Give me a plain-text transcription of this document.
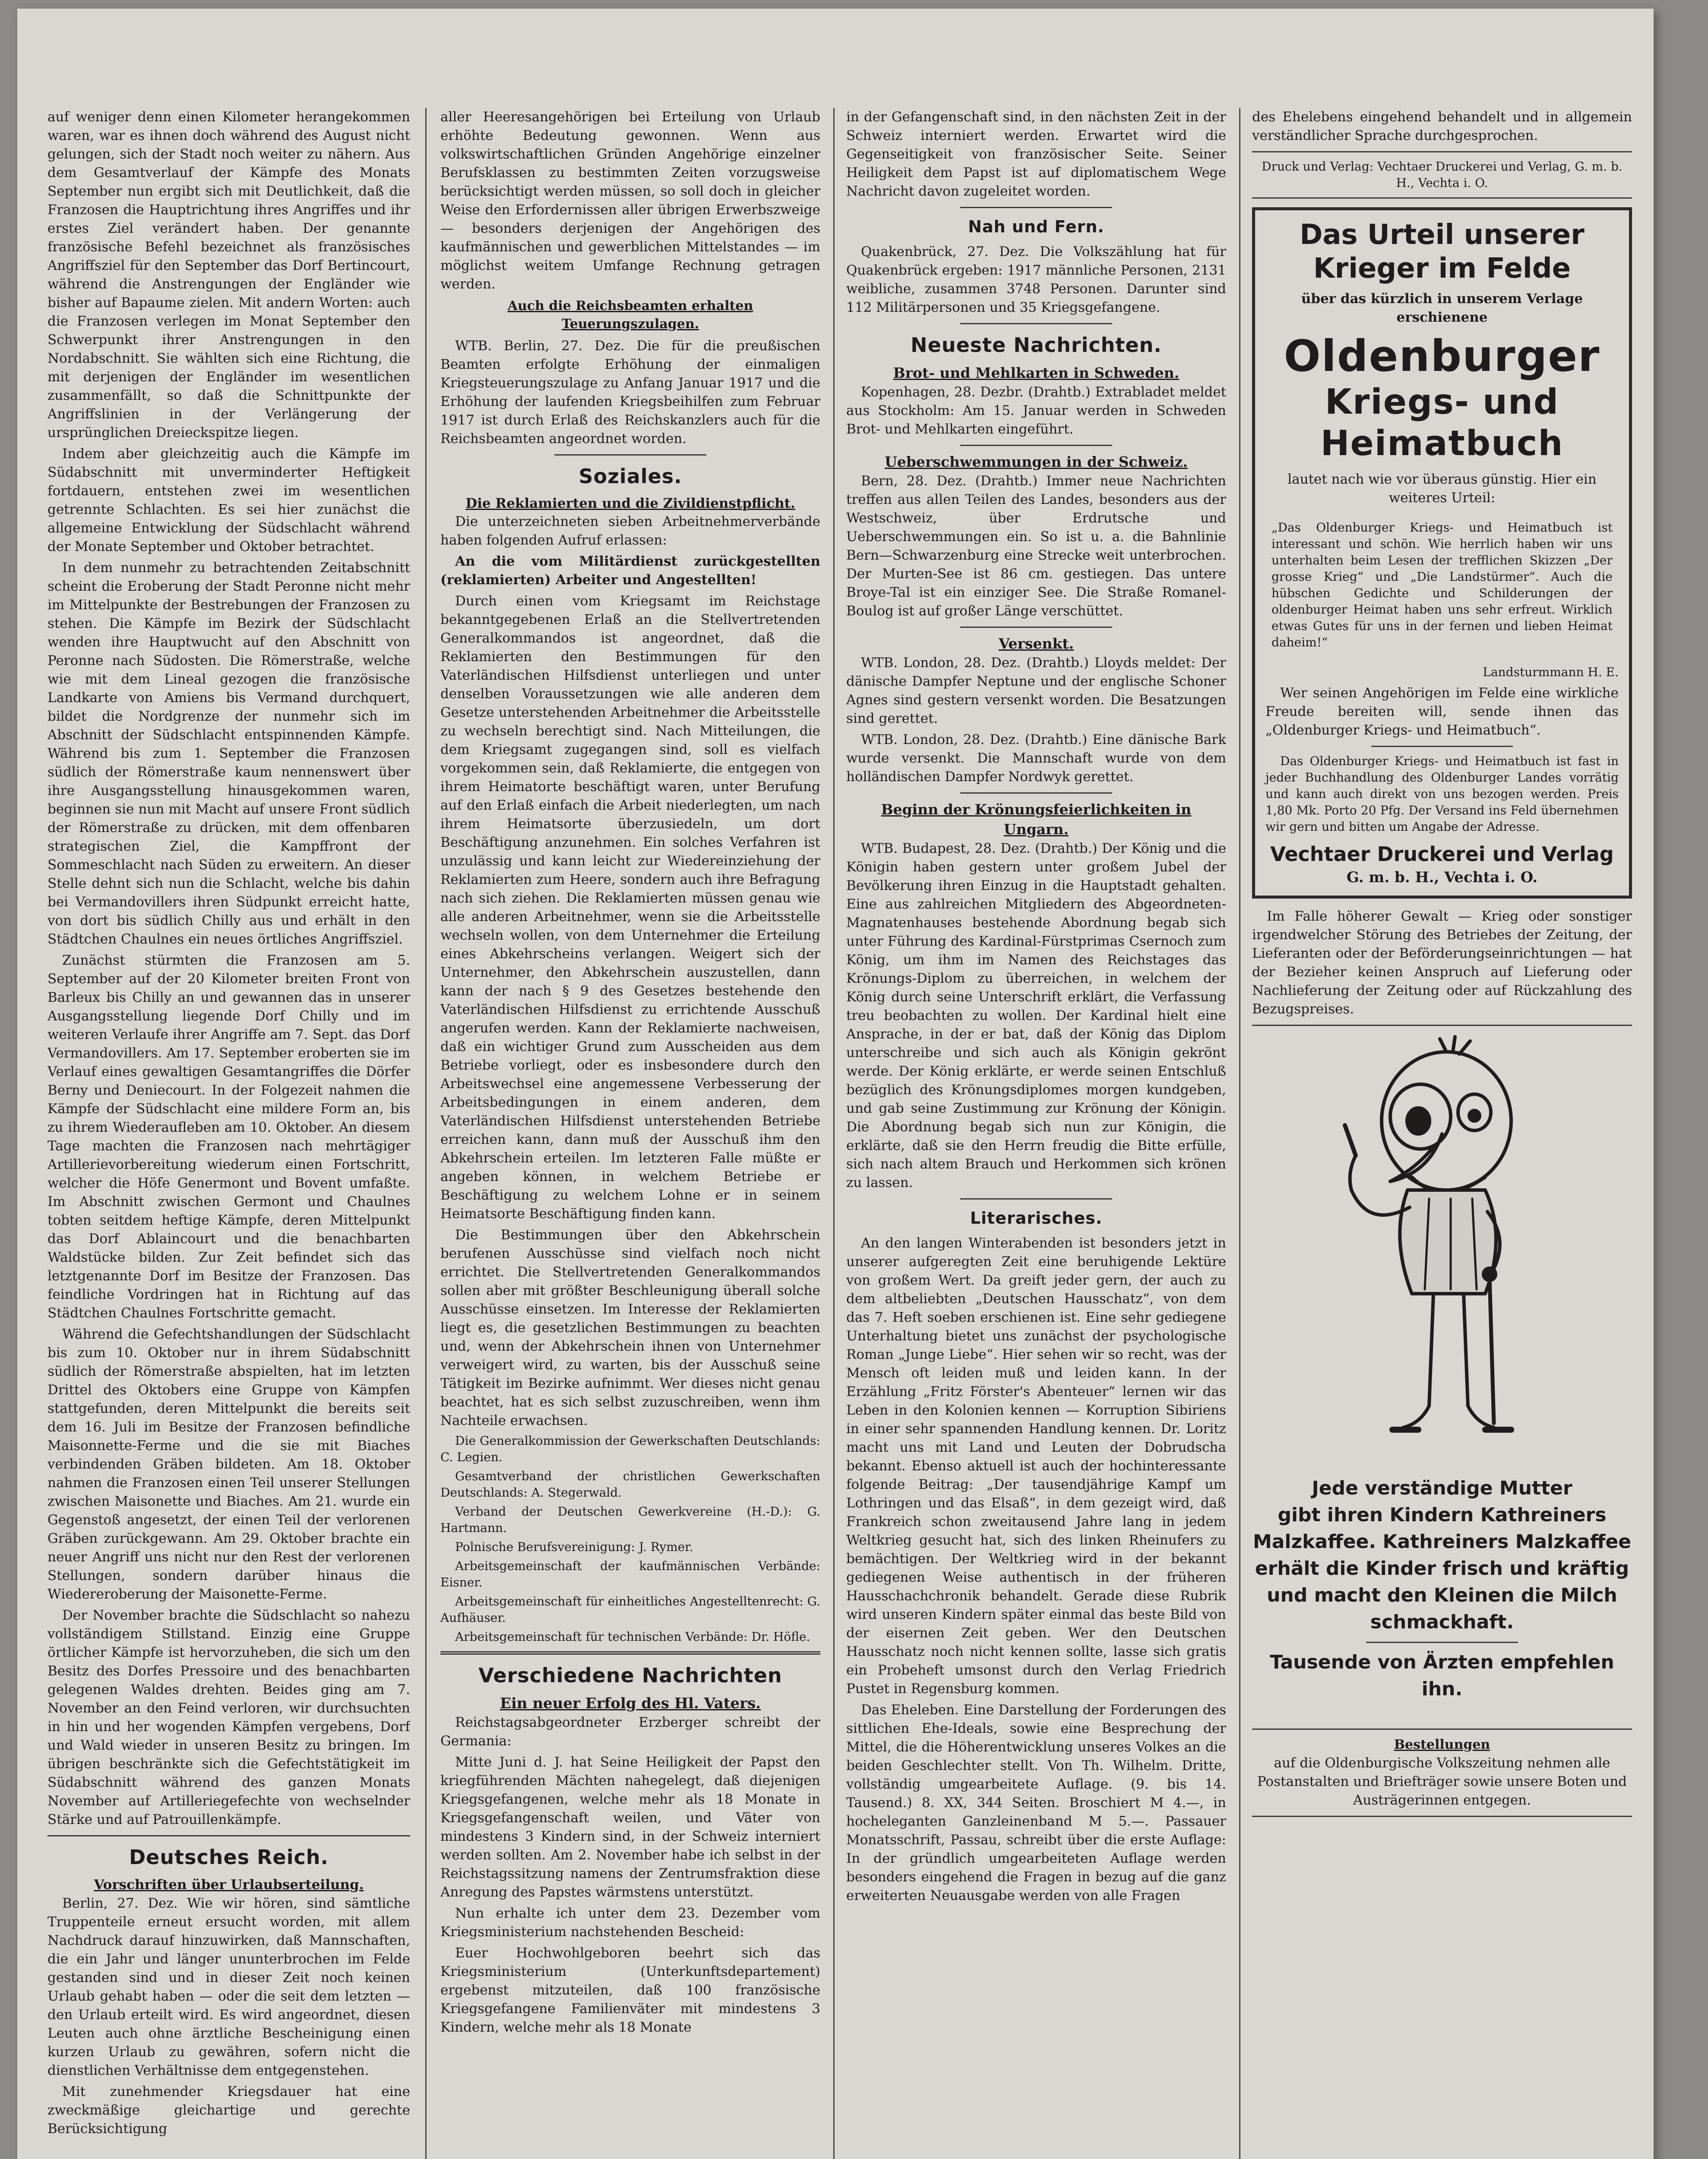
auf weniger denn einen Kilometer herangekommen waren, war es ihnen doch während des August nicht gelungen, sich der Stadt noch weiter zu nähern. Aus dem Gesamtverlauf der Kämpfe des Monats September nun ergibt sich mit Deutlichkeit, daß die Franzosen die Hauptrichtung ihres Angriffes und ihr erstes Ziel verändert haben. Der genannte französische Befehl bezeichnet als französisches Angriffsziel für den September das Dorf Bertincourt, während die Anstrengungen der Engländer wie bisher auf Bapaume zielen. Mit andern Worten: auch die Franzosen verlegen im Monat September den Schwerpunkt ihrer Anstrengungen in den Nordabschnitt. Sie wählten sich eine Richtung, die mit derjenigen der Engländer im wesentlichen zusammenfällt, so daß die Schnittpunkte der Angriffslinien in der Verlängerung der ursprünglichen Dreieckspitze liegen.

Indem aber gleichzeitig auch die Kämpfe im Südabschnitt mit unverminderter Heftigkeit fortdauern, entstehen zwei im wesentlichen getrennte Schlachten. Es sei hier zunächst die allgemeine Entwicklung der Südschlacht während der Monate September und Oktober betrachtet.

In dem nunmehr zu betrachtenden Zeitabschnitt scheint die Eroberung der Stadt Peronne nicht mehr im Mittelpunkte der Bestrebungen der Franzosen zu stehen. Die Kämpfe im Bezirk der Südschlacht wenden ihre Hauptwucht auf den Abschnitt von Peronne nach Südosten. Die Römerstraße, welche wie mit dem Lineal gezogen die französische Landkarte von Amiens bis Vermand durchquert, bildet die Nordgrenze der nunmehr sich im Abschnitt der Südschlacht entspinnenden Kämpfe. Während bis zum 1. September die Franzosen südlich der Römerstraße kaum nennenswert über ihre Ausgangsstellung hinausgekommen waren, beginnen sie nun mit Macht auf unsere Front südlich der Römerstraße zu drücken, mit dem offenbaren strategischen Ziel, die Kampffront der Sommeschlacht nach Süden zu erweitern. An dieser Stelle dehnt sich nun die Schlacht, welche bis dahin bei Vermandovillers ihren Südpunkt erreicht hatte, von dort bis südlich Chilly aus und erhält in den Städtchen Chaulnes ein neues örtliches Angriffsziel.

Zunächst stürmten die Franzosen am 5. September auf der 20 Kilometer breiten Front von Barleux bis Chilly an und gewannen das in unserer Ausgangsstellung liegende Dorf Chilly und im weiteren Verlaufe ihrer Angriffe am 7. Sept. das Dorf Vermandovillers. Am 17. September eroberten sie im Verlauf eines gewaltigen Gesamtangriffes die Dörfer Berny und Deniecourt. In der Folgezeit nahmen die Kämpfe der Südschlacht eine mildere Form an, bis zu ihrem Wiederaufleben am 10. Oktober. An diesem Tage machten die Franzosen nach mehrtägiger Artillerievorbereitung wiederum einen Fortschritt, welcher die Höfe Genermont und Bovent umfaßte. Im Abschnitt zwischen Germont und Chaulnes tobten seitdem heftige Kämpfe, deren Mittelpunkt das Dorf Ablaincourt und die benachbarten Waldstücke bilden. Zur Zeit befindet sich das letztgenannte Dorf im Besitze der Franzosen. Das feindliche Vordringen hat in Richtung auf das Städtchen Chaulnes Fortschritte gemacht.

Während die Gefechtshandlungen der Südschlacht bis zum 10. Oktober nur in ihrem Südabschnitt südlich der Römerstraße abspielten, hat im letzten Drittel des Oktobers eine Gruppe von Kämpfen stattgefunden, deren Mittelpunkt die bereits seit dem 16. Juli im Besitze der Franzosen befindliche Maisonnette-Ferme und die sie mit Biaches verbindenden Gräben bildeten. Am 18. Oktober nahmen die Franzosen einen Teil unserer Stellungen zwischen Maisonette und Biaches. Am 21. wurde ein Gegenstoß angesetzt, der einen Teil der verlorenen Gräben zurückgewann. Am 29. Oktober brachte ein neuer Angriff uns nicht nur den Rest der verlorenen Stellungen, sondern darüber hinaus die Wiedereroberung der Maisonette-Ferme.

Der November brachte die Südschlacht so nahezu vollständigem Stillstand. Einzig eine Gruppe örtlicher Kämpfe ist hervorzuheben, die sich um den Besitz des Dorfes Pressoire und des benachbarten gelegenen Waldes drehten. Beides ging am 7. November an den Feind verloren, wir durchsuchten in hin und her wogenden Kämpfen vergebens, Dorf und Wald wieder in unseren Besitz zu bringen. Im übrigen beschränkte sich die Gefechtstätigkeit im Südabschnitt während des ganzen Monats November auf Artilleriegefechte von wechselnder Stärke und auf Patrouillenkämpfe.

Deutsches Reich.
Vorschriften über Urlaubserteilung.

Berlin, 27. Dez. Wie wir hören, sind sämtliche Truppenteile erneut ersucht worden, mit allem Nachdruck darauf hinzuwirken, daß Mannschaften, die ein Jahr und länger ununterbrochen im Felde gestanden sind und in dieser Zeit noch keinen Urlaub gehabt haben — oder die seit dem letzten — den Urlaub erteilt wird. Es wird angeordnet, diesen Leuten auch ohne ärztliche Bescheinigung einen kurzen Urlaub zu gewähren, sofern nicht die dienstlichen Verhältnisse dem entgegenstehen.

Mit zunehmender Kriegsdauer hat eine zweckmäßige gleichartige und gerechte Berücksichtigung

aller Heeresangehörigen bei Erteilung von Urlaub erhöhte Bedeutung gewonnen. Wenn aus volkswirtschaftlichen Gründen Angehörige einzelner Berufsklassen zu bestimmten Zeiten vorzugsweise berücksichtigt werden müssen, so soll doch in gleicher Weise den Erfordernissen aller übrigen Erwerbszweige — besonders derjenigen der Angehörigen des kaufmännischen und gewerblichen Mittelstandes — im möglichst weitem Umfange Rechnung getragen werden.

Auch die Reichsbeamten erhalten Teuerungszulagen.

WTB. Berlin, 27. Dez. Die für die preußischen Beamten erfolgte Erhöhung der einmaligen Kriegsteuerungszulage zu Anfang Januar 1917 und die Erhöhung der laufenden Kriegsbeihilfen zum Februar 1917 ist durch Erlaß des Reichskanzlers auch für die Reichsbeamten angeordnet worden.

Soziales.
Die Reklamierten und die Zivildienstpflicht.

Die unterzeichneten sieben Arbeitnehmerverbände haben folgenden Aufruf erlassen:

An die vom Militärdienst zurückgestellten (reklamierten) Arbeiter und Angestellten!

Durch einen vom Kriegsamt im Reichstage bekanntgegebenen Erlaß an die Stellvertretenden Generalkommandos ist angeordnet, daß die Reklamierten den Bestimmungen für den Vaterländischen Hilfsdienst unterliegen und unter denselben Voraussetzungen wie alle anderen dem Gesetze unterstehenden Arbeitnehmer die Arbeitsstelle zu wechseln berechtigt sind. Nach Mitteilungen, die dem Kriegsamt zugegangen sind, soll es vielfach vorgekommen sein, daß Reklamierte, die entgegen von ihrem Heimatorte beschäftigt waren, unter Berufung auf den Erlaß einfach die Arbeit niederlegten, um nach ihrem Heimatsorte überzusiedeln, um dort Beschäftigung anzunehmen. Ein solches Verfahren ist unzulässig und kann leicht zur Wiedereinziehung der Reklamierten zum Heere, sondern auch ihre Befragung nach sich ziehen. Die Reklamierten müssen genau wie alle anderen Arbeitnehmer, wenn sie die Arbeitsstelle wechseln wollen, von dem Unternehmer die Erteilung eines Abkehrscheins verlangen. Weigert sich der Unternehmer, den Abkehrschein auszustellen, dann kann der nach § 9 des Gesetzes bestehende den Vaterländischen Hilfsdienst zu errichtende Ausschuß angerufen werden. Kann der Reklamierte nachweisen, daß ein wichtiger Grund zum Ausscheiden aus dem Betriebe vorliegt, oder es insbesondere durch den Arbeitswechsel eine angemessene Verbesserung der Arbeitsbedingungen in einem anderen, dem Vaterländischen Hilfsdienst unterstehenden Betriebe erreichen kann, dann muß der Ausschuß ihm den Abkehrschein erteilen. Im letzteren Falle müßte er angeben können, in welchem Betriebe er Beschäftigung zu welchem Lohne er in seinem Heimatsorte Beschäftigung finden kann.

Die Bestimmungen über den Abkehrschein berufenen Ausschüsse sind vielfach noch nicht errichtet. Die Stellvertretenden Generalkommandos sollen aber mit größter Beschleunigung überall solche Ausschüsse einsetzen. Im Interesse der Reklamierten liegt es, die gesetzlichen Bestimmungen zu beachten und, wenn der Abkehrschein ihnen von Unternehmer verweigert wird, zu warten, bis der Ausschuß seine Tätigkeit im Bezirke aufnimmt. Wer dieses nicht genau beachtet, hat es sich selbst zuzuschreiben, wenn ihm Nachteile erwachsen.

Die Generalkommission der Gewerkschaften Deutschlands: C. Legien.

Gesamtverband der christlichen Gewerkschaften Deutschlands: A. Stegerwald.

Verband der Deutschen Gewerkvereine (H.-D.): G. Hartmann.

Polnische Berufsvereinigung: J. Rymer.

Arbeitsgemeinschaft der kaufmännischen Verbände: Eisner.

Arbeitsgemeinschaft für einheitliches Angestelltenrecht: G. Aufhäuser.

Arbeitsgemeinschaft für technischen Verbände: Dr. Höfle.

Verschiedene Nachrichten
Ein neuer Erfolg des Hl. Vaters.

Reichstagsabgeordneter Erzberger schreibt der Germania:

Mitte Juni d. J. hat Seine Heiligkeit der Papst den kriegführenden Mächten nahegelegt, daß diejenigen Kriegsgefangenen, welche mehr als 18 Monate in Kriegsgefangenschaft weilen, und Väter von mindestens 3 Kindern sind, in der Schweiz interniert werden sollten. Am 2. November habe ich selbst in der Reichstagssitzung namens der Zentrumsfraktion diese Anregung des Papstes wärmstens unterstützt.

Nun erhalte ich unter dem 23. Dezember vom Kriegsministerium nachstehenden Bescheid:

Euer Hochwohlgeboren beehrt sich das Kriegsministerium (Unterkunftsdepartement) ergebenst mitzuteilen, daß 100 französische Kriegsgefangene Familienväter mit mindestens 3 Kindern, welche mehr als 18 Monate

in der Gefangenschaft sind, in den nächsten Zeit in der Schweiz interniert werden. Erwartet wird die Gegenseitigkeit von französischer Seite. Seiner Heiligkeit dem Papst ist auf diplomatischem Wege Nachricht davon zugeleitet worden.

Nah und Fern.

Quakenbrück, 27. Dez. Die Volkszählung hat für Quakenbrück ergeben: 1917 männliche Personen, 2131 weibliche, zusammen 3748 Personen. Darunter sind 112 Militärpersonen und 35 Kriegsgefangene.

Neueste Nachrichten.
Brot- und Mehlkarten in Schweden.

Kopenhagen, 28. Dezbr. (Drahtb.) Extrabladet meldet aus Stockholm: Am 15. Januar werden in Schweden Brot- und Mehlkarten eingeführt.

Ueberschwemmungen in der Schweiz.

Bern, 28. Dez. (Drahtb.) Immer neue Nachrichten treffen aus allen Teilen des Landes, besonders aus der Westschweiz, über Erdrutsche und Ueberschwemmungen ein. So ist u. a. die Bahnlinie Bern—Schwarzenburg eine Strecke weit unterbrochen. Der Murten-See ist 86 cm. gestiegen. Das untere Broye-Tal ist ein einziger See. Die Straße Romanel-Boulog ist auf großer Länge verschüttet.

Versenkt.

WTB. London, 28. Dez. (Drahtb.) Lloyds meldet: Der dänische Dampfer Neptune und der englische Schoner Agnes sind gestern versenkt worden. Die Besatzungen sind gerettet.

WTB. London, 28. Dez. (Drahtb.) Eine dänische Bark wurde versenkt. Die Mannschaft wurde von dem holländischen Dampfer Nordwyk gerettet.

Beginn der Krönungsfeierlichkeiten in Ungarn.

WTB. Budapest, 28. Dez. (Drahtb.) Der König und die Königin haben gestern unter großem Jubel der Bevölkerung ihren Einzug in die Hauptstadt gehalten. Eine aus zahlreichen Mitgliedern des Abgeordneten-Magnatenhauses bestehende Abordnung begab sich unter Führung des Kardinal-Fürstprimas Csernoch zum König, um ihm im Namen des Reichstages das Krönungs-Diplom zu überreichen, in welchem der König durch seine Unterschrift erklärt, die Verfassung treu beobachten zu wollen. Der Kardinal hielt eine Ansprache, in der er bat, daß der König das Diplom unterschreibe und sich auch als Königin gekrönt werde. Der König erklärte, er werde seinen Entschluß bezüglich des Krönungsdiplomes morgen kundgeben, und gab seine Zustimmung zur Krönung der Königin. Die Abordnung begab sich nun zur Königin, die erklärte, daß sie den Herrn freudig die Bitte erfülle, sich nach altem Brauch und Herkommen sich krönen zu lassen.

Literarisches.

An den langen Winterabenden ist besonders jetzt in unserer aufgeregten Zeit eine beruhigende Lektüre von großem Wert. Da greift jeder gern, der auch zu dem altbeliebten „Deutschen Hausschatz“, von dem das 7. Heft soeben erschienen ist. Eine sehr gediegene Unterhaltung bietet uns zunächst der psychologische Roman „Junge Liebe“. Hier sehen wir so recht, was der Mensch oft leiden muß und leiden kann. In der Erzählung „Fritz Förster's Abenteuer“ lernen wir das Leben in den Kolonien kennen — Korruption Sibiriens in einer sehr spannenden Handlung kennen. Dr. Loritz macht uns mit Land und Leuten der Dobrudscha bekannt. Ebenso aktuell ist auch der hochinteressante folgende Beitrag: „Der tausendjährige Kampf um Lothringen und das Elsaß“, in dem gezeigt wird, daß Frankreich schon zweitausend Jahre lang in jedem Weltkrieg gesucht hat, sich des linken Rheinufers zu bemächtigen. Der Weltkrieg wird in der bekannt gediegenen Weise authentisch in der früheren Hausschachchronik behandelt. Gerade diese Rubrik wird unseren Kindern später einmal das beste Bild von der eisernen Zeit geben. Wer den Deutschen Hausschatz noch nicht kennen sollte, lasse sich gratis ein Probeheft umsonst durch den Verlag Friedrich Pustet in Regensburg kommen.

Das Eheleben. Eine Darstellung der Forderungen des sittlichen Ehe-Ideals, sowie eine Besprechung der Mittel, die die Höherentwicklung unseres Volkes an die beiden Geschlechter stellt. Von Th. Wilhelm. Dritte, vollständig umgearbeitete Auflage. (9. bis 14. Tausend.) 8. XX, 344 Seiten. Broschiert M 4.—, in hocheleganten Ganzleinenband M 5.—. Passauer Monatsschrift, Passau, schreibt über die erste Auflage: In der gründlich umgearbeiteten Auflage werden besonders eingehend die Fragen in bezug auf die ganz erweiterten Neuausgabe werden von alle Fragen

des Ehelebens eingehend behandelt und in allgemein verständlicher Sprache durchgesprochen.

Druck und Verlag: Vechtaer Druckerei und Verlag, G. m. b. H., Vechta i. O.

Das Urteil unserer Krieger im Felde

über das kürzlich in unserem Verlage erschienene

Oldenburger
Kriegs- und Heimatbuch

lautet nach wie vor überaus günstig. Hier ein weiteres Urteil:

„Das Oldenburger Kriegs- und Heimatbuch ist interessant und schön. Wie herrlich haben wir uns unterhalten beim Lesen der trefflichen Skizzen „Der grosse Krieg“ und „Die Landstürmer“. Auch die hübschen Gedichte und Schilderungen der oldenburger Heimat haben uns sehr erfreut. Wirklich etwas Gutes für uns in der fernen und lieben Heimat daheim!“

Landsturmmann H. E.

Wer seinen Angehörigen im Felde eine wirkliche Freude bereiten will, sende ihnen das „Oldenburger Kriegs- und Heimatbuch“.

Das Oldenburger Kriegs- und Heimatbuch ist fast in jeder Buchhandlung des Oldenburger Landes vorrätig und kann auch direkt von uns bezogen werden. Preis 1,80 Mk. Porto 20 Pfg. Der Versand ins Feld übernehmen wir gern und bitten um Angabe der Adresse.

Vechtaer Druckerei und Verlag
G. m. b. H., Vechta i. O.

Im Falle höherer Gewalt — Krieg oder sonstiger irgendwelcher Störung des Betriebes der Zeitung, der Lieferanten oder der Beförderungseinrichtungen — hat der Bezieher keinen Anspruch auf Lieferung oder Nachlieferung der Zeitung oder auf Rückzahlung des Bezugspreises.

Jede verständige Mutter
gibt ihren Kindern Kathreiners
Malzkaffee. Kathreiners Malzkaffee
erhält die Kinder frisch und kräftig
und macht den Kleinen die Milch
schmackhaft.
Tausende von Ärzten empfehlen ihn.
Bestellungen

auf die Oldenburgische Volkszeitung nehmen alle Postanstalten und Briefträger sowie unsere Boten und Austrägerinnen entgegen.
